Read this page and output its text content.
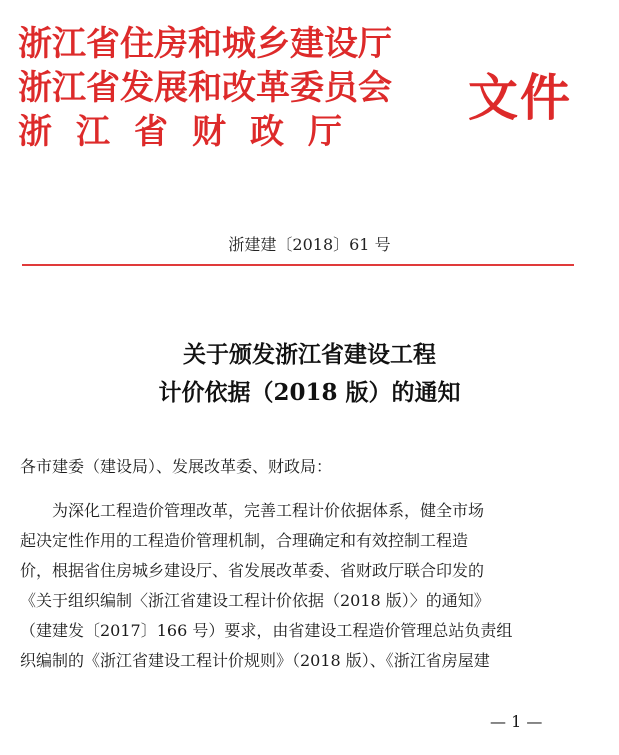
浙江省住房和城乡建设厅
浙江省发展和改革委员会
浙江省财政厅
文件
浙建建〔2018〕61 号
关于颁发浙江省建设工程
计价依据（2018 版）的通知
各市建委（建设局）、发展改革委、财政局：
　　为深化工程造价管理改革，完善工程计价依据体系，健全市场
起决定性作用的工程造价管理机制，合理确定和有效控制工程造
价，根据省住房城乡建设厅、省发展改革委、省财政厅联合印发的
《关于组织编制〈浙江省建设工程计价依据（2018 版）〉的通知》
（建建发〔2017〕166 号）要求，由省建设工程造价管理总站负责组
织编制的《浙江省建设工程计价规则》（2018 版）、《浙江省房屋建
— 1 —
